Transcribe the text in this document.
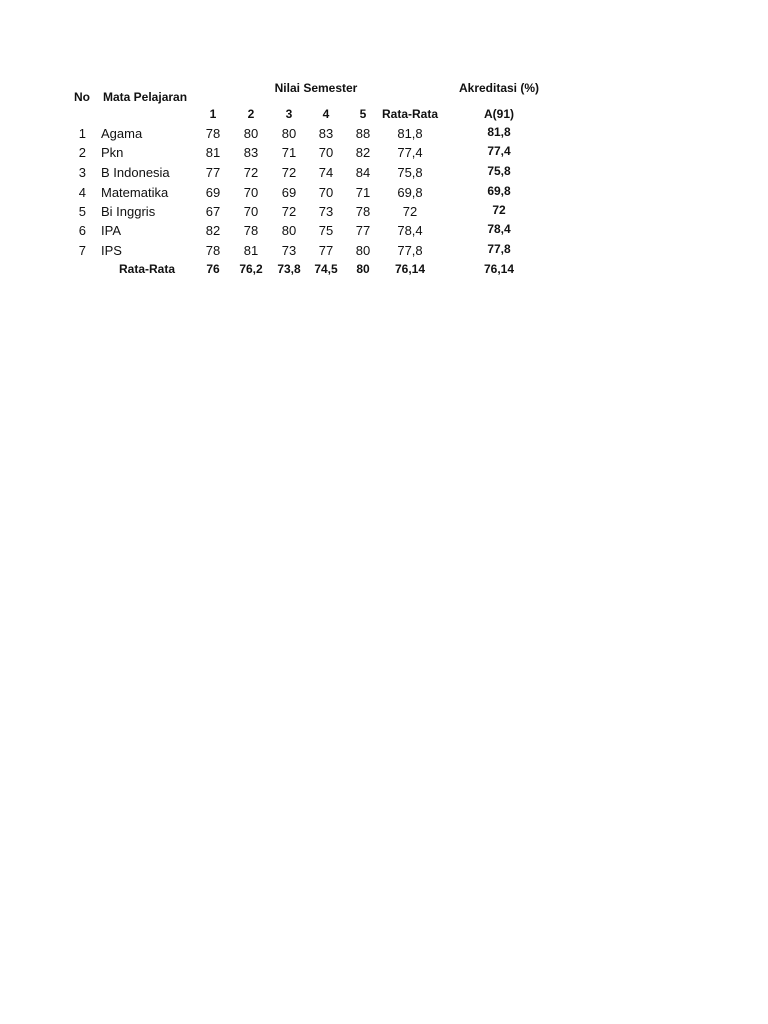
No Mata Pelajaran
Nilai Semester	Akreditasi (%)
1	2	3	4	5	Rata-Rata	A(91)
1 Agama	78	80	80	83	88	81,8	81,8
2 Pkn	81	83	71	70	82	77,4	77,4
3 B Indonesia	77	72	72	74	84	75,8	75,8
4 Matematika	69	70	69	70	71	69,8	69,8
5 Bi Inggris	67	70	72	73	78	72	72
6 IPA	82	78	80	75	77	78,4	78,4
7 IPS	78	81	73	77	80	77,8	77,8
Rata-Rata	76	76,2	73,8	74,5	80	76,14	76,14
